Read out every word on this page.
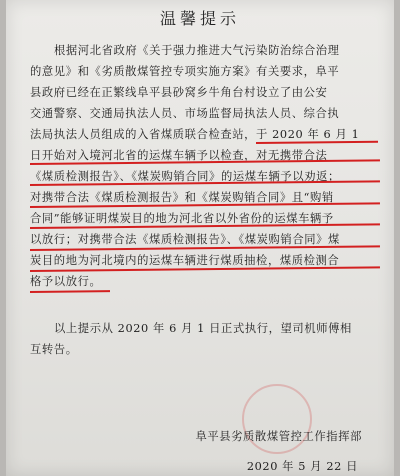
温馨提示
根据河北省政府《关于强力推进大气污染防治综合治理
的意见》和《劣质散煤管控专项实施方案》有关要求，阜平
县政府已经在正繁线阜平县砂窝乡牛角台村设立了由公安
交通警察、交通局执法人员、市场监督局执法人员、综合执
法局执法人员组成的入省煤质联合检查站，于 2020 年 6 月 1
日开始对入境河北省的运煤车辆予以检查，对无携带合法
《煤质检测报告》、《煤炭购销合同》的运煤车辆予以劝返；
对携带合法《煤质检测报告》和《煤炭购销合同》且“购销
合同”能够证明煤炭目的地为河北省以外省份的运煤车辆予
以放行；对携带合法《煤质检测报告》、《煤炭购销合同》煤
炭目的地为河北境内的运煤车辆进行煤质抽检，煤质检测合
格予以放行。
以上提示从 2020 年 6 月 1 日正式执行，望司机师傅相
互转告。
阜平县劣质散煤管控工作指挥部
2020 年 5 月 22 日
